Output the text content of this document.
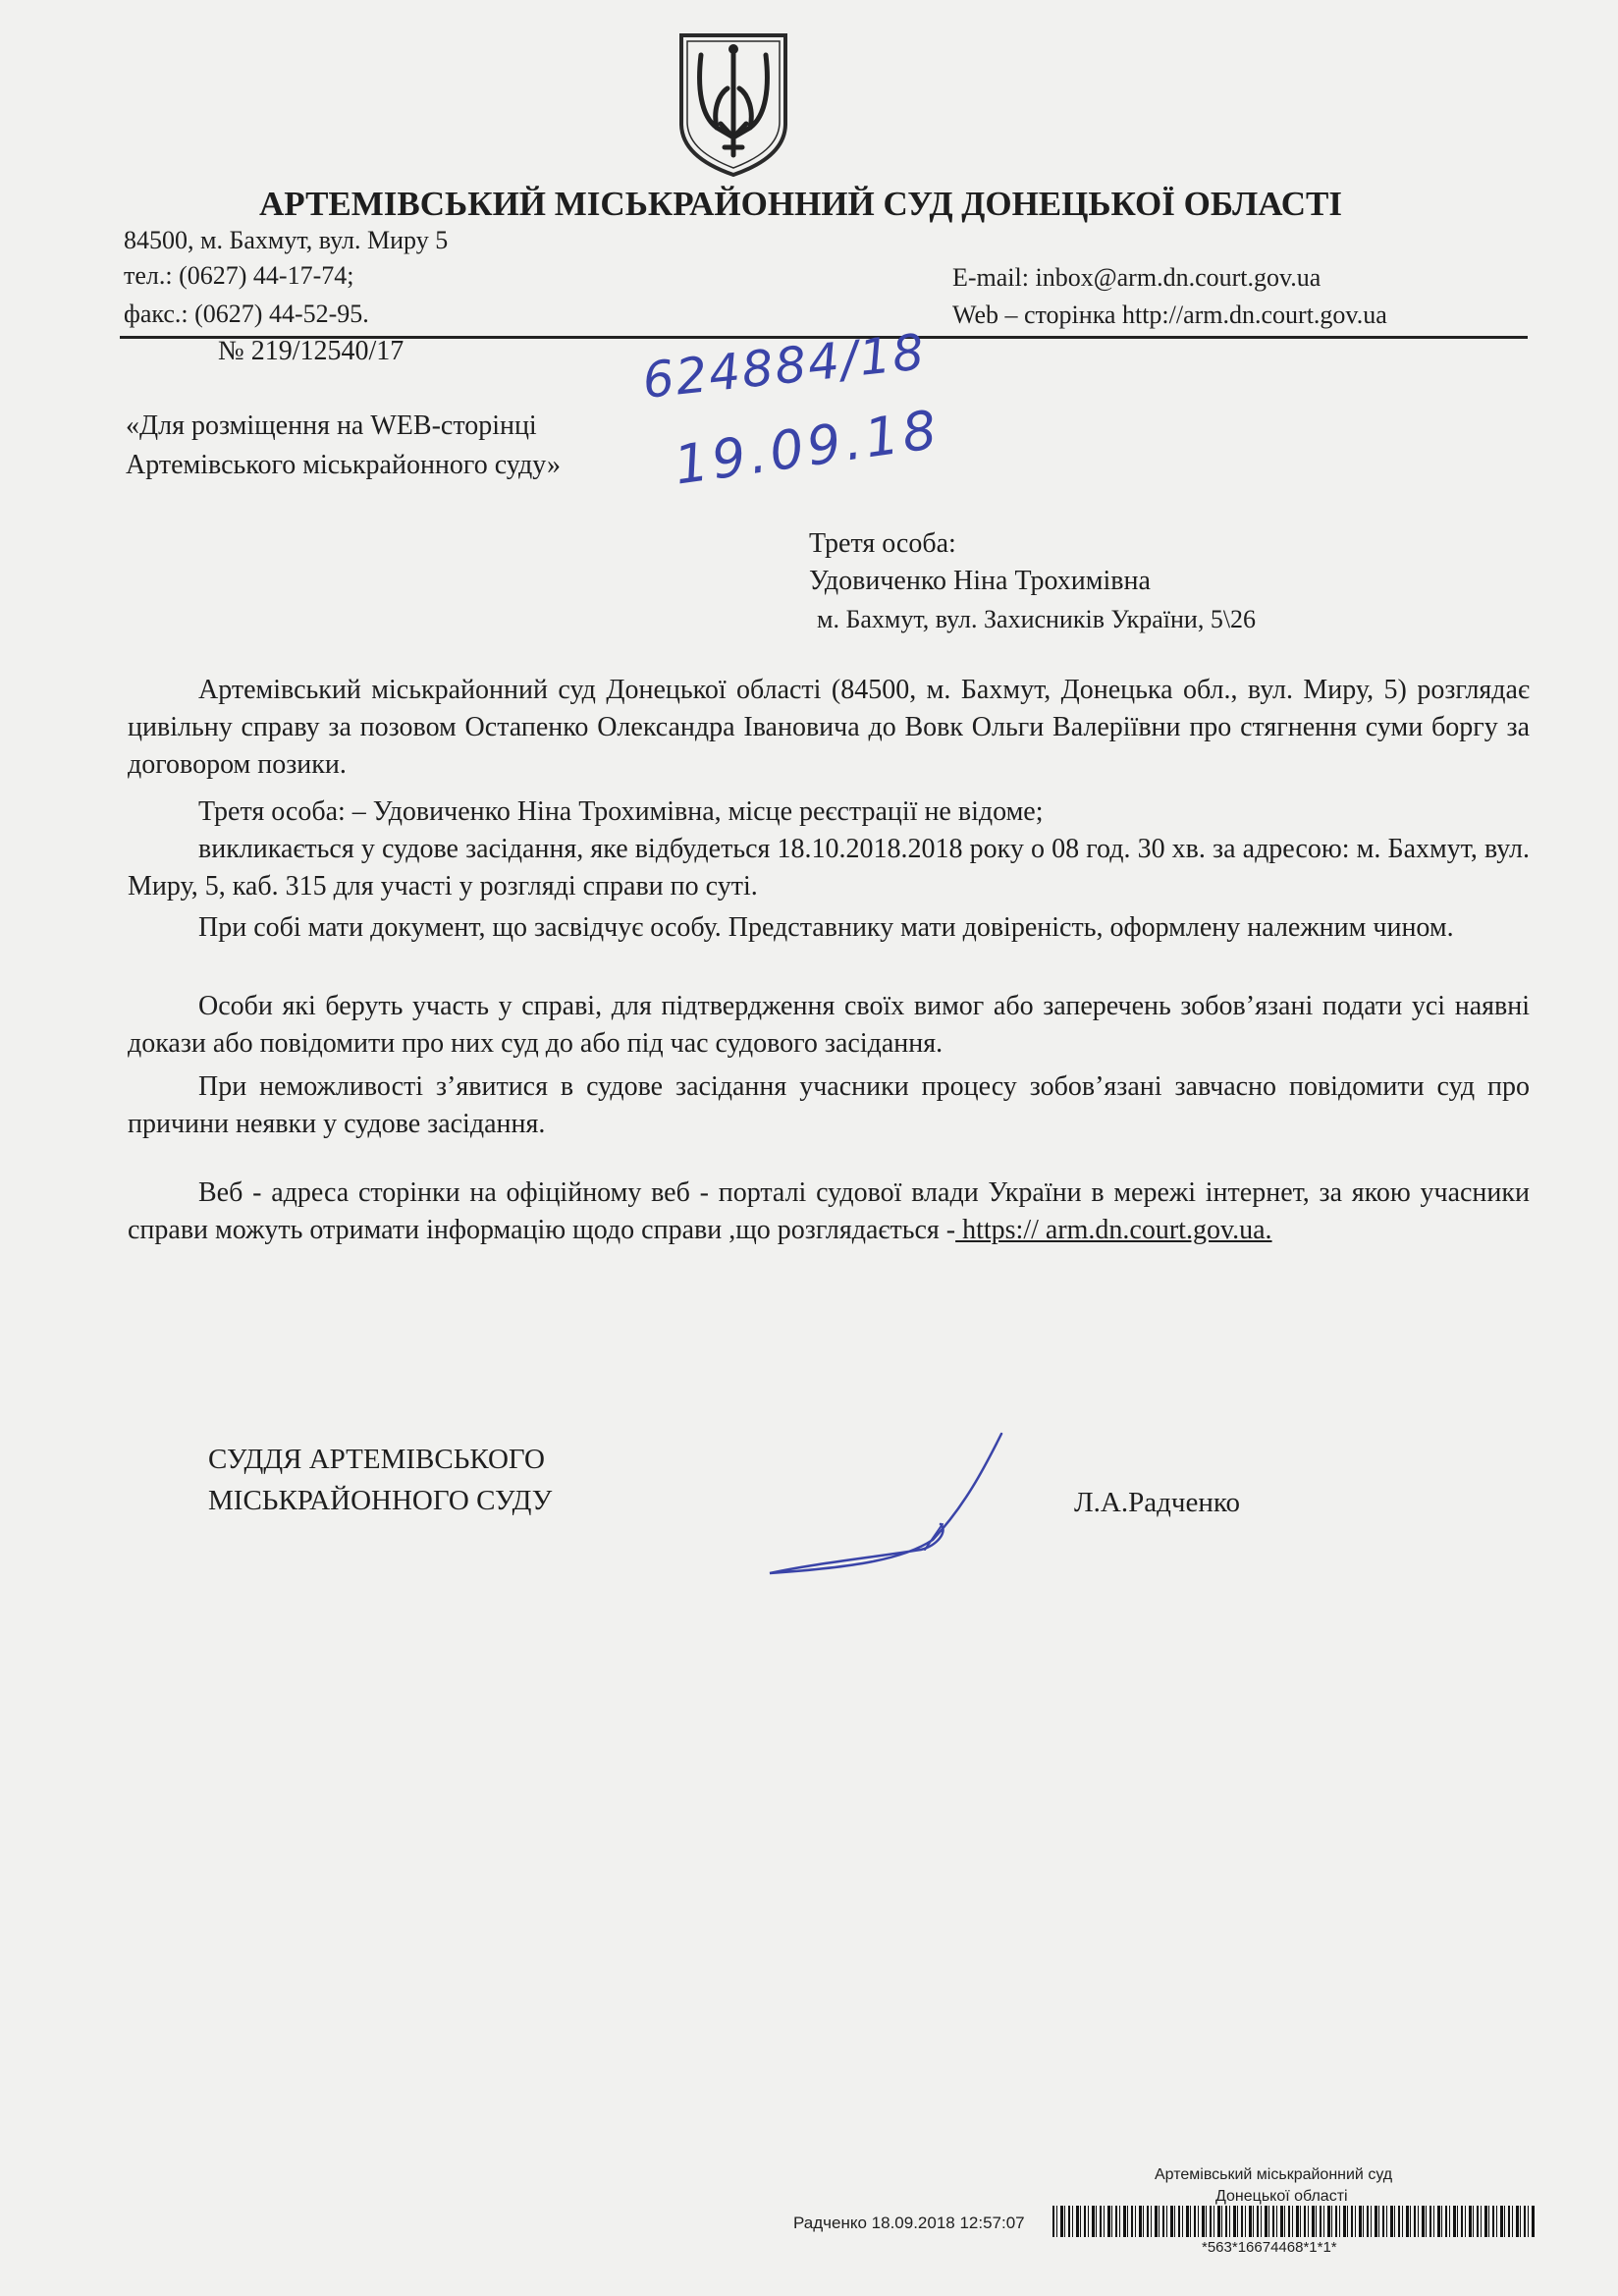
АРТЕМІВСЬКИЙ МІСЬКРАЙОННИЙ СУД ДОНЕЦЬКОЇ ОБЛАСТІ
84500, м. Бахмут, вул. Миру 5
тел.: (0627) 44-17-74;
факс.: (0627) 44-52-95.
E-mail: inbox@arm.dn.court.gov.ua
Web – сторінка http://arm.dn.court.gov.ua
№ 219/12540/17	624884/18
19.09.18
«Для розміщення на WEB-сторінці
Артемівського міськрайонного суду»
Третя особа:
Удовиченко Ніна Трохимівна
м. Бахмут, вул. Захисників України, 5\26
Артемівський міськрайонний суд Донецької області (84500, м. Бахмут, Донецька обл., вул. Миру, 5) розглядає цивільну справу за позовом Остапенко Олександра Івановича до Вовк Ольги Валеріївни про стягнення суми боргу за договором позики.
Третя особа: – Удовиченко Ніна Трохимівна, місце реєстрації не відоме;
викликається у судове засідання, яке відбудеться 18.10.2018.2018 року о 08 год. 30 хв. за адресою: м. Бахмут, вул. Миру, 5, каб. 315 для участі у розгляді справи по суті.
При собі мати документ, що засвідчує особу. Представнику мати довіреність, оформлену належним чином.
Особи які беруть участь у справі, для підтвердження своїх вимог або заперечень зобов’язані подати усі наявні докази або повідомити про них суд до або під час судового засідання.
При неможливості з’явитися в судове засідання учасники процесу зобов’язані завчасно повідомити суд про причини неявки у судове засідання.
Веб - адреса сторінки на офіційному веб - порталі судової влади України в мережі інтернет, за якою учасники справи можуть отримати інформацію щодо справи ,що розглядається - https:// arm.dn.court.gov.ua.
СУДДЯ АРТЕМІВСЬКОГО
МІСЬКРАЙОННОГО СУДУ	Л.А.Радченко
Артемівський міськрайонний суд
Донецької області
Радченко 18.09.2018 12:57:07
*563*16674468*1*1*
